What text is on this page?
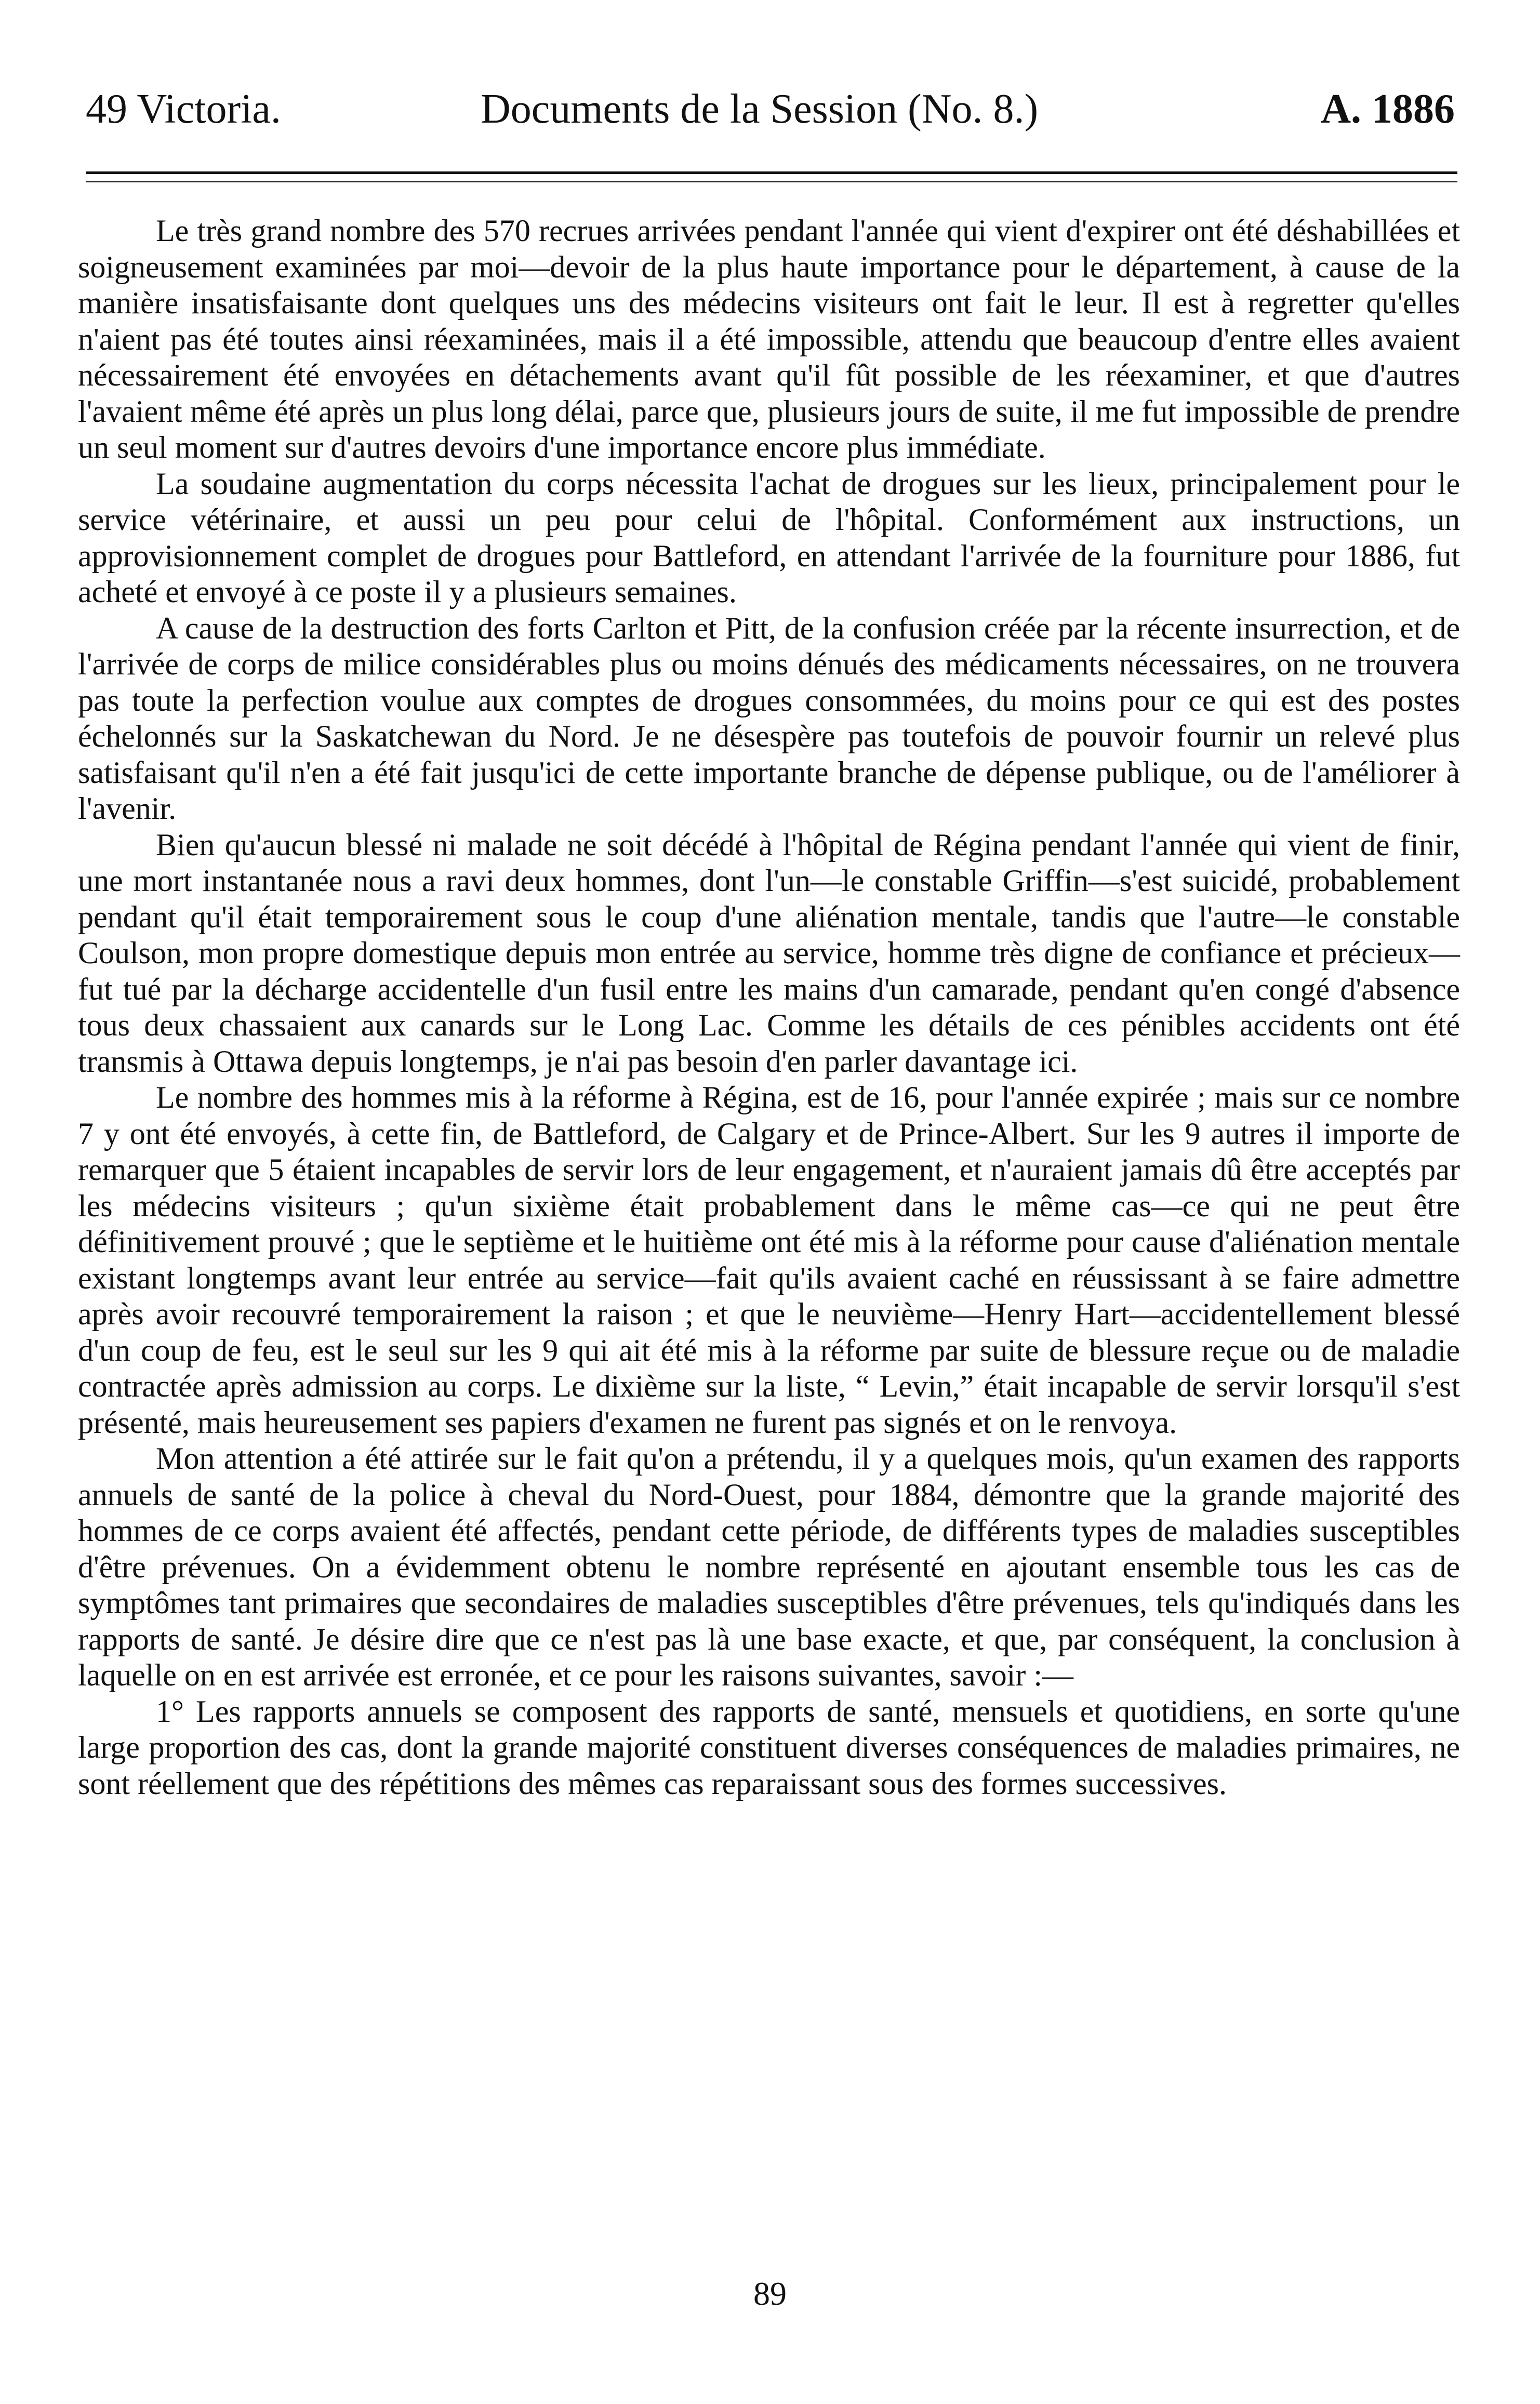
49 Victoria.	Documents de la Session (No. 8.)	A. 1886

Le très grand nombre des 570 recrues arrivées pendant l'année qui vient d'expirer ont été déshabillées et soigneusement examinées par moi—devoir de la plus haute importance pour le département, à cause de la manière insatisfaisante dont quelques uns des médecins visiteurs ont fait le leur. Il est à regretter qu'elles n'aient pas été toutes ainsi réexaminées, mais il a été impossible, attendu que beaucoup d'entre elles avaient nécessairement été envoyées en détachements avant qu'il fût possible de les réexaminer, et que d'autres l'avaient même été après un plus long délai, parce que, plusieurs jours de suite, il me fut impossible de prendre un seul moment sur d'autres devoirs d'une importance encore plus immédiate.

La soudaine augmentation du corps nécessita l'achat de drogues sur les lieux, principalement pour le service vétérinaire, et aussi un peu pour celui de l'hôpital. Conformément aux instructions, un approvisionnement complet de drogues pour Battleford, en attendant l'arrivée de la fourniture pour 1886, fut acheté et envoyé à ce poste il y a plusieurs semaines.

A cause de la destruction des forts Carlton et Pitt, de la confusion créée par la récente insurrection, et de l'arrivée de corps de milice considérables plus ou moins dénués des médicaments nécessaires, on ne trouvera pas toute la perfection voulue aux comptes de drogues consommées, du moins pour ce qui est des postes échelonnés sur la Saskatchewan du Nord. Je ne désespère pas toutefois de pouvoir fournir un relevé plus satisfaisant qu'il n'en a été fait jusqu'ici de cette importante branche de dépense publique, ou de l'améliorer à l'avenir.

Bien qu'aucun blessé ni malade ne soit décédé à l'hôpital de Régina pendant l'année qui vient de finir, une mort instantanée nous a ravi deux hommes, dont l'un—le constable Griffin—s'est suicidé, probablement pendant qu'il était temporairement sous le coup d'une aliénation mentale, tandis que l'autre—le constable Coulson, mon propre domestique depuis mon entrée au service, homme très digne de confiance et précieux—fut tué par la décharge accidentelle d'un fusil entre les mains d'un camarade, pendant qu'en congé d'absence tous deux chassaient aux canards sur le Long Lac. Comme les détails de ces pénibles accidents ont été transmis à Ottawa depuis longtemps, je n'ai pas besoin d'en parler davantage ici.

Le nombre des hommes mis à la réforme à Régina, est de 16, pour l'année expirée ; mais sur ce nombre 7 y ont été envoyés, à cette fin, de Battleford, de Calgary et de Prince-Albert. Sur les 9 autres il importe de remarquer que 5 étaient incapables de servir lors de leur engagement, et n'auraient jamais dû être acceptés par les médecins visiteurs ; qu'un sixième était probablement dans le même cas—ce qui ne peut être définitivement prouvé ; que le septième et le huitième ont été mis à la réforme pour cause d'aliénation mentale existant longtemps avant leur entrée au service—fait qu'ils avaient caché en réussissant à se faire admettre après avoir recouvré temporairement la raison ; et que le neuvième—Henry Hart—accidentellement blessé d'un coup de feu, est le seul sur les 9 qui ait été mis à la réforme par suite de blessure reçue ou de maladie contractée après admission au corps. Le dixième sur la liste, “ Levin,” était incapable de servir lorsqu'il s'est présenté, mais heureusement ses papiers d'examen ne furent pas signés et on le renvoya.

Mon attention a été attirée sur le fait qu'on a prétendu, il y a quelques mois, qu'un examen des rapports annuels de santé de la police à cheval du Nord-Ouest, pour 1884, démontre que la grande majorité des hommes de ce corps avaient été affectés, pendant cette période, de différents types de maladies susceptibles d'être prévenues. On a évidemment obtenu le nombre représenté en ajoutant ensemble tous les cas de symptômes tant primaires que secondaires de maladies susceptibles d'être prévenues, tels qu'indiqués dans les rapports de santé. Je désire dire que ce n'est pas là une base exacte, et que, par conséquent, la conclusion à laquelle on en est arrivée est erronée, et ce pour les raisons suivantes, savoir :—

1° Les rapports annuels se composent des rapports de santé, mensuels et quotidiens, en sorte qu'une large proportion des cas, dont la grande majorité constituent diverses conséquences de maladies primaires, ne sont réellement que des répétitions des mêmes cas reparaissant sous des formes successives.

89
